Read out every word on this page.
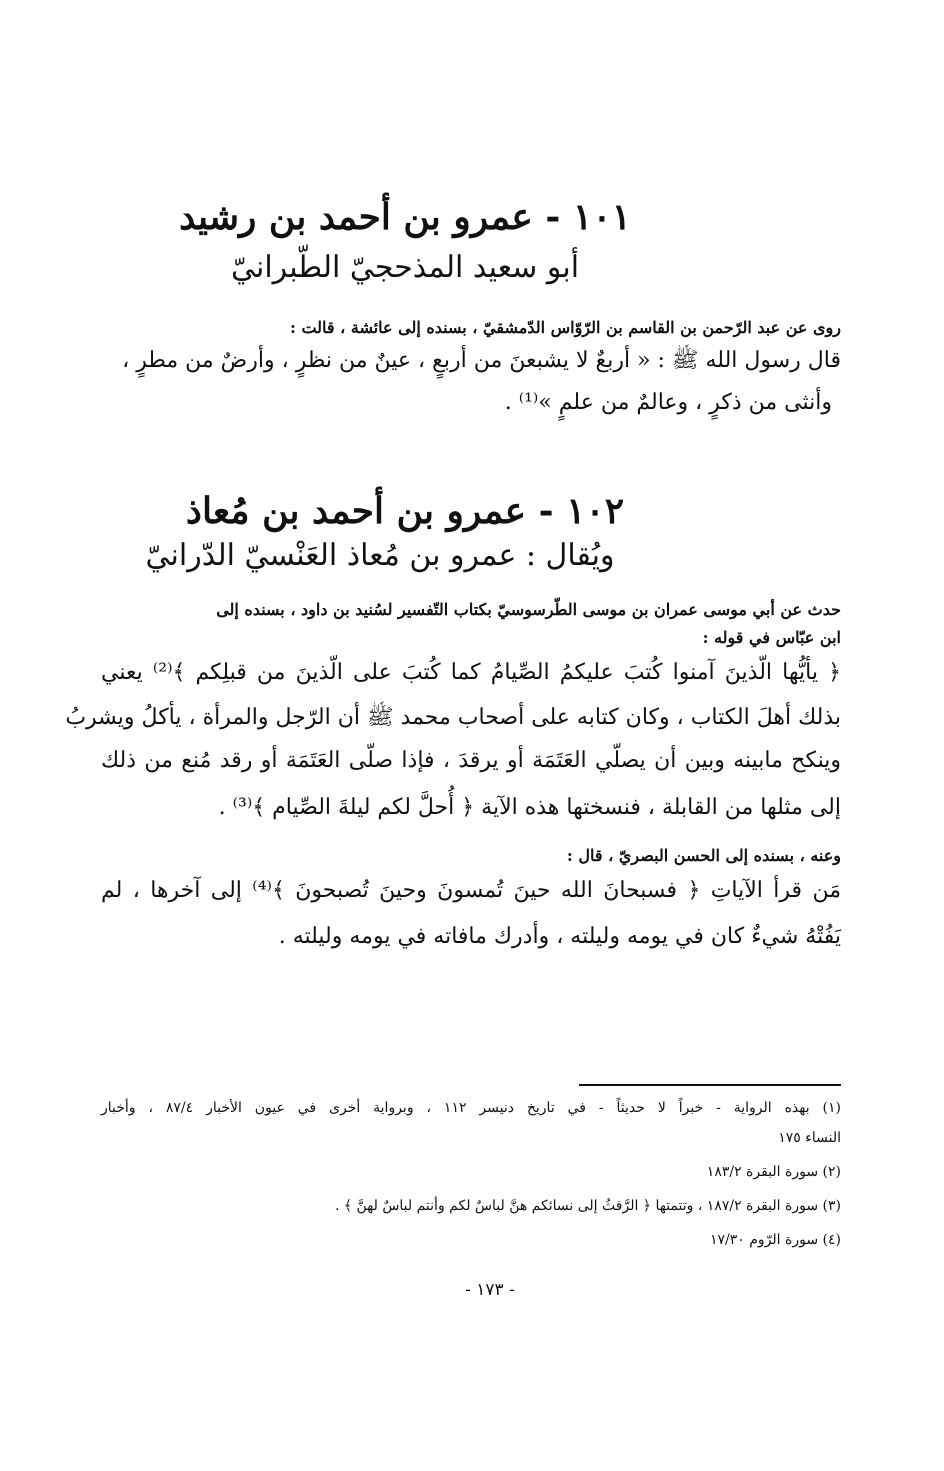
١٠١ - عمرو بن أحمد بن رشيد
أبو سعيد المذحجيّ الطّبرانيّ
روى عن عبد الرّحمن بن القاسم بن الرّوّاس الدّمشقيّ ، بسنده إلى عائشة ، قالت :
قال رسول الله ﷺ : « أربعٌ لا يشبعنَ من أربعٍ ، عينٌ من نظرٍ ، وأرضٌ من مطرٍ ،
وأنثى من ذكرٍ ، وعالمٌ من علمٍ »⁽¹⁾ .
١٠٢ - عمرو بن أحمد بن مُعاذ
ويُقال : عمرو بن مُعاذ العَنْسيّ الدّرانيّ
حدث عن أبي موسى عمران بن موسى الطّرسوسيّ بكتاب التّفسير لسُنيد بن داود ، بسنده إلى
ابن عبّاس في قوله :
﴿ يأيُّها الّذينَ آمنوا كُتبَ عليكمُ الصِّيامُ كما كُتبَ على الّذينَ من قبلِكم ﴾⁽²⁾ يعني
بذلك أهلَ الكتاب ، وكان كتابه على أصحاب محمد ﷺ أن الرّجل والمرأة ، يأكلُ ويشربُ
وينكح مابينه وبين أن يصلّي العَتَمَة أو يرقدَ ، فإذا صلّى العَتَمَة أو رقد مُنع من ذلك
إلى مثلها من القابلة ، فنسختها هذه الآية ﴿ أُحلَّ لكم ليلةَ الصِّيام ﴾⁽³⁾ .
وعنه ، بسنده إلى الحسن البصريّ ، قال :
مَن قرأ الآياتِ ﴿ فسبحانَ الله حينَ تُمسونَ وحينَ تُصبحونَ ﴾⁽⁴⁾ إلى آخرها ، لم
يَفُتْهُ شيءٌ كان في يومه وليلته ، وأدرك مافاته في يومه وليلته .
(١) بهذه الرواية - خبراً لا حديثاً - في تاريخ دنيسر ١١٢ ، وبرواية أخرى في عيون الأخبار ٨٧/٤ ، وأخبار
النساء ١٧٥
(٢) سورة البقرة ١٨٣/٢
(٣) سورة البقرة ١٨٧/٢ ، وتتمتها ﴿ الرَّفثُ إلى نسائكم هنَّ لباسٌ لكم وأنتم لباسٌ لهنَّ ﴾ .
(٤) سورة الرّوم ١٧/٣٠
- ١٧٣ -
